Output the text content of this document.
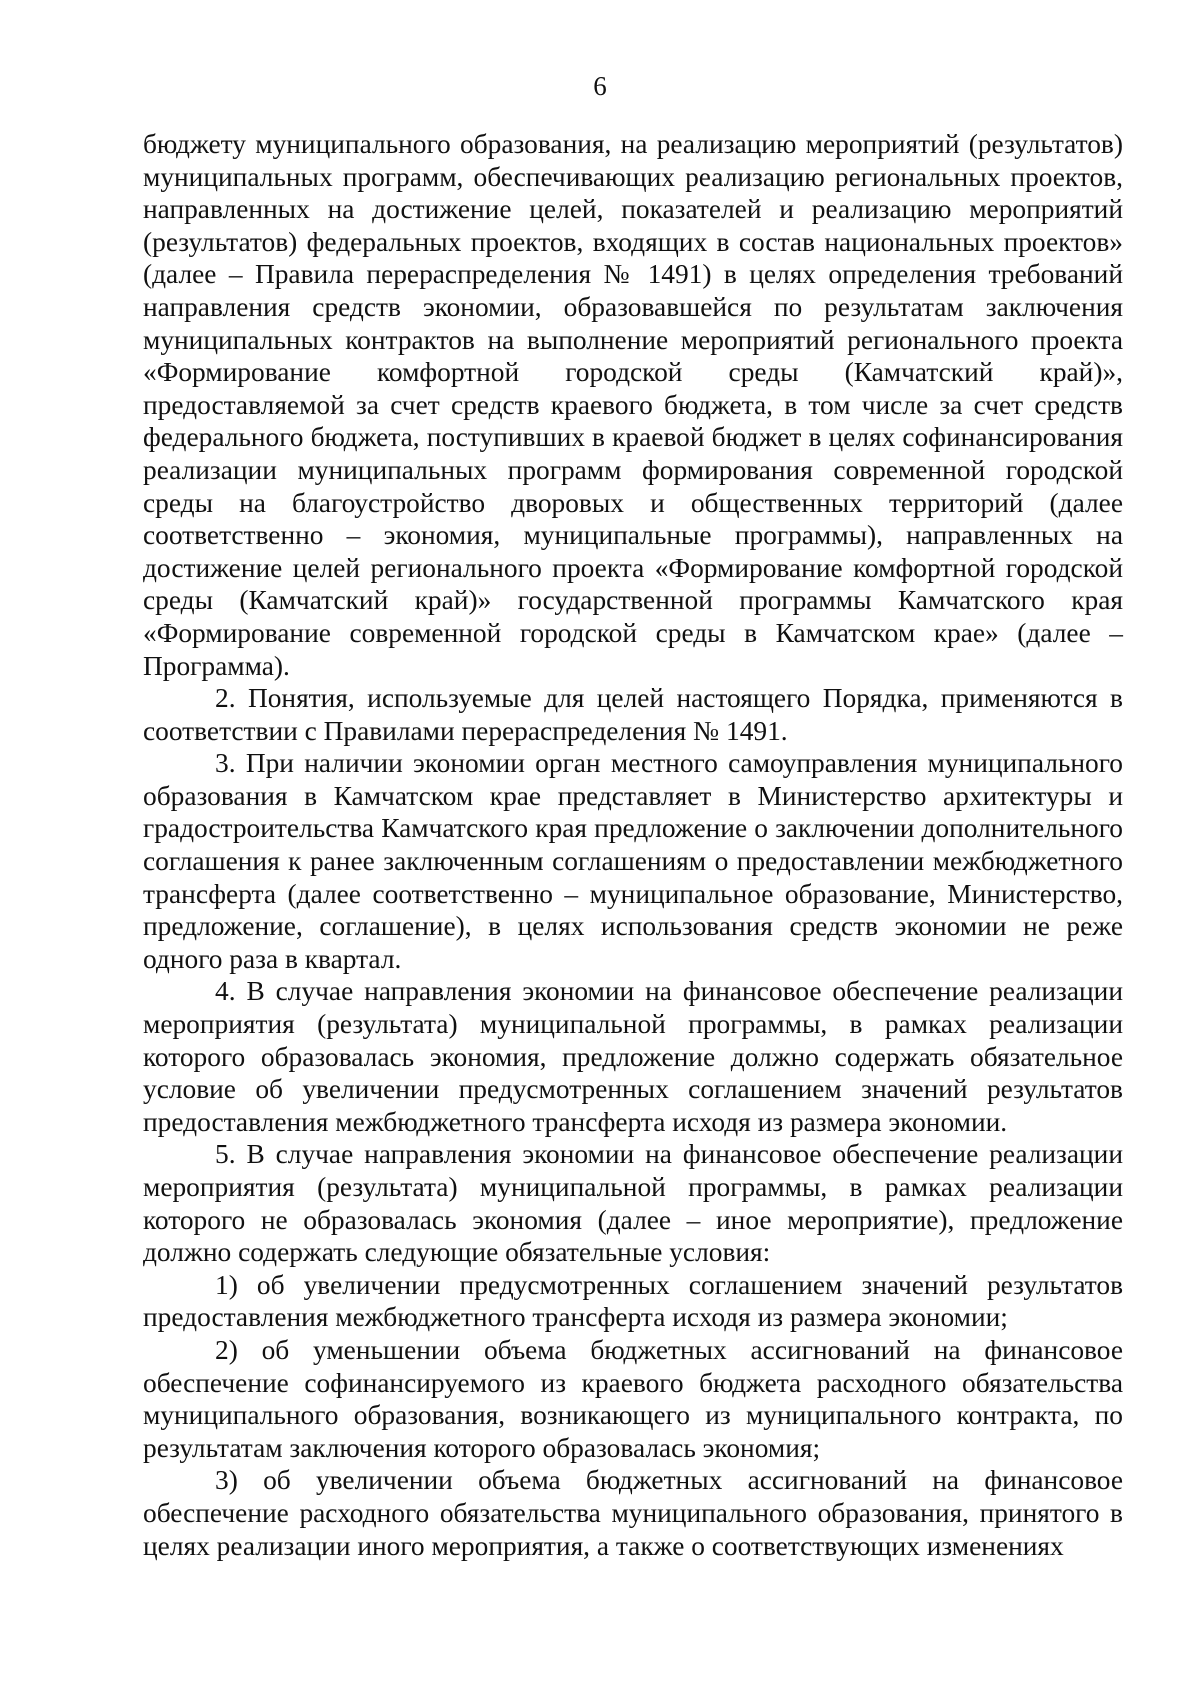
6

бюджету муниципального образования, на реализацию мероприятий (результатов) муниципальных программ, обеспечивающих реализацию региональных проектов, направленных на достижение целей, показателей и реализацию мероприятий (результатов) федеральных проектов, входящих в состав национальных проектов» (далее – Правила перераспределения № 1491) в целях определения требований направления средств экономии, образовавшейся по результатам заключения муниципальных контрактов на выполнение мероприятий регионального проекта «Формирование комфортной городской среды (Камчатский край)», предоставляемой за счет средств краевого бюджета, в том числе за счет средств федерального бюджета, поступивших в краевой бюджет в целях софинансирования реализации муниципальных программ формирования современной городской среды на благоустройство дворовых и общественных территорий (далее соответственно – экономия, муниципальные программы), направленных на достижение целей регионального проекта «Формирование комфортной городской среды (Камчатский край)» государственной программы Камчатского края «Формирование современной городской среды в Камчатском крае» (далее – Программа).

2. Понятия, используемые для целей настоящего Порядка, применяются в соответствии с Правилами перераспределения № 1491.

3. При наличии экономии орган местного самоуправления муниципального образования в Камчатском крае представляет в Министерство архитектуры и градостроительства Камчатского края предложение о заключении дополнительного соглашения к ранее заключенным соглашениям о предоставлении межбюджетного трансферта (далее соответственно – муниципальное образование, Министерство, предложение, соглашение), в целях использования средств экономии не реже одного раза в квартал.

4. В случае направления экономии на финансовое обеспечение реализации мероприятия (результата) муниципальной программы, в рамках реализации которого образовалась экономия, предложение должно содержать обязательное условие об увеличении предусмотренных соглашением значений результатов предоставления межбюджетного трансферта исходя из размера экономии.

5. В случае направления экономии на финансовое обеспечение реализации мероприятия (результата) муниципальной программы, в рамках реализации которого не образовалась экономия (далее – иное мероприятие), предложение должно содержать следующие обязательные условия:

1) об увеличении предусмотренных соглашением значений результатов предоставления межбюджетного трансферта исходя из размера экономии;

2) об уменьшении объема бюджетных ассигнований на финансовое обеспечение софинансируемого из краевого бюджета расходного обязательства муниципального образования, возникающего из муниципального контракта, по результатам заключения которого образовалась экономия;

3) об увеличении объема бюджетных ассигнований на финансовое обеспечение расходного обязательства муниципального образования, принятого в целях реализации иного мероприятия, а также о соответствующих изменениях
